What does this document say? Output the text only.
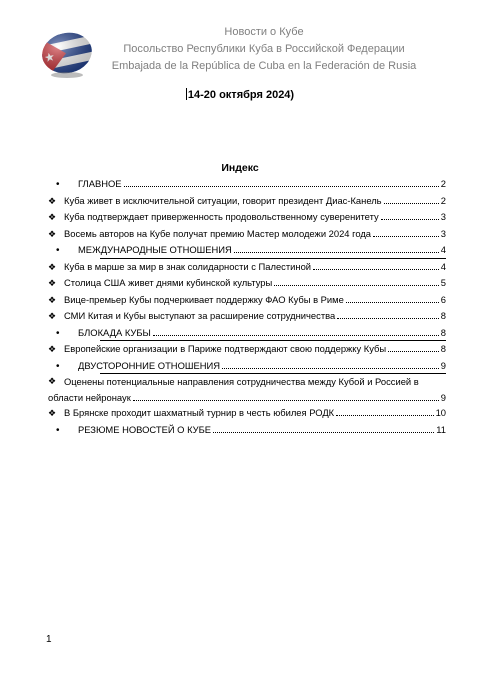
Новости о Кубе
Посольство Республики Куба в Российской Федерации
Embajada de la República de Cuba en la Federación de Rusia
14-20 октября 2024)
Индекс
•	ГЛАВНОЕ	2
❖ Куба живет в исключительной ситуации, говорит президент Диас-Канель	2
❖ Куба подтверждает приверженность продовольственному суверенитету	3
❖ Восемь авторов на Кубе получат премию Мастер молодежи 2024 года	3
•	МЕЖДУНАРОДНЫЕ ОТНОШЕНИЯ	4
❖ Куба в марше за мир в знак солидарности с Палестиной	4
❖ Столица США живет днями кубинской культуры	5
❖ Вице-премьер Кубы подчеркивает поддержку ФАО Кубы в Риме	6
❖ СМИ Китая и Кубы выступают за расширение сотрудничества	8
•	БЛОКАДА КУБЫ	8
❖ Европейские организации в Париже подтверждают свою поддержку Кубы	8
•	ДВУСТОРОННИЕ ОТНОШЕНИЯ	9
❖ Оценены потенциальные направления сотрудничества между Кубой и Россией в
области нейронаук	9
❖ В Брянске проходит шахматный турнир в честь юбилея РОДК	10
•	РЕЗЮМЕ НОВОСТЕЙ О КУБЕ	11
1
